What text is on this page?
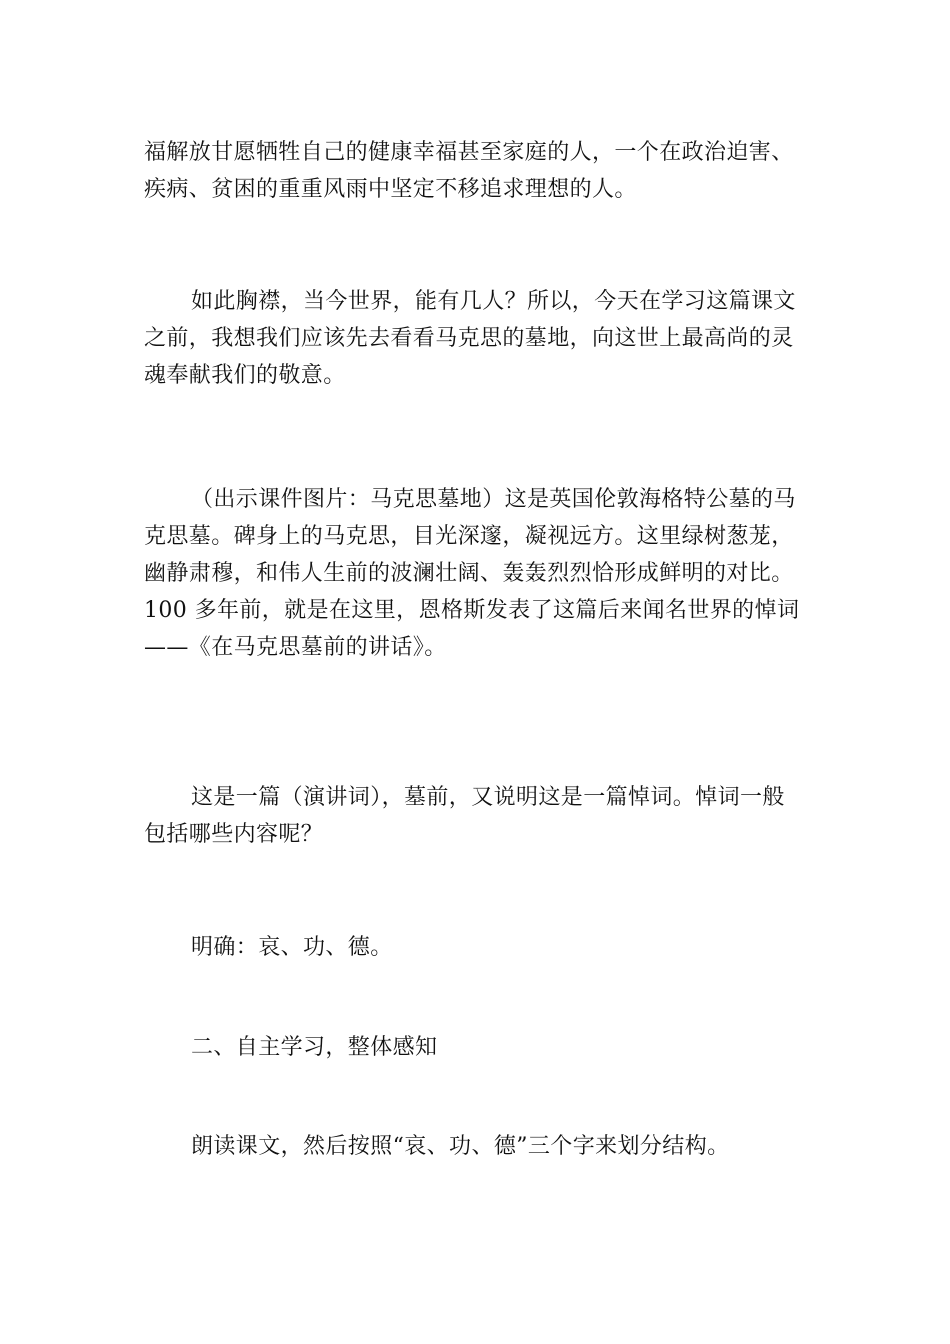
福解放甘愿牺牲自己的健康幸福甚至家庭的人，一个在政治迫害、
疾病、贫困的重重风雨中坚定不移追求理想的人。
如此胸襟，当今世界，能有几人？所以，今天在学习这篇课文
之前，我想我们应该先去看看马克思的墓地，向这世上最高尚的灵
魂奉献我们的敬意。
（出示课件图片：马克思墓地）这是英国伦敦海格特公墓的马
克思墓。碑身上的马克思，目光深邃，凝视远方。这里绿树葱茏，
幽静肃穆，和伟人生前的波澜壮阔、轰轰烈烈恰形成鲜明的对比。
100 多年前，就是在这里，恩格斯发表了这篇后来闻名世界的悼词
——《在马克思墓前的讲话》。
这是一篇（演讲词），墓前，又说明这是一篇悼词。悼词一般
包括哪些内容呢？
明确：哀、功、德。
二、自主学习，整体感知
朗读课文，然后按照“哀、功、德”三个字来划分结构。
